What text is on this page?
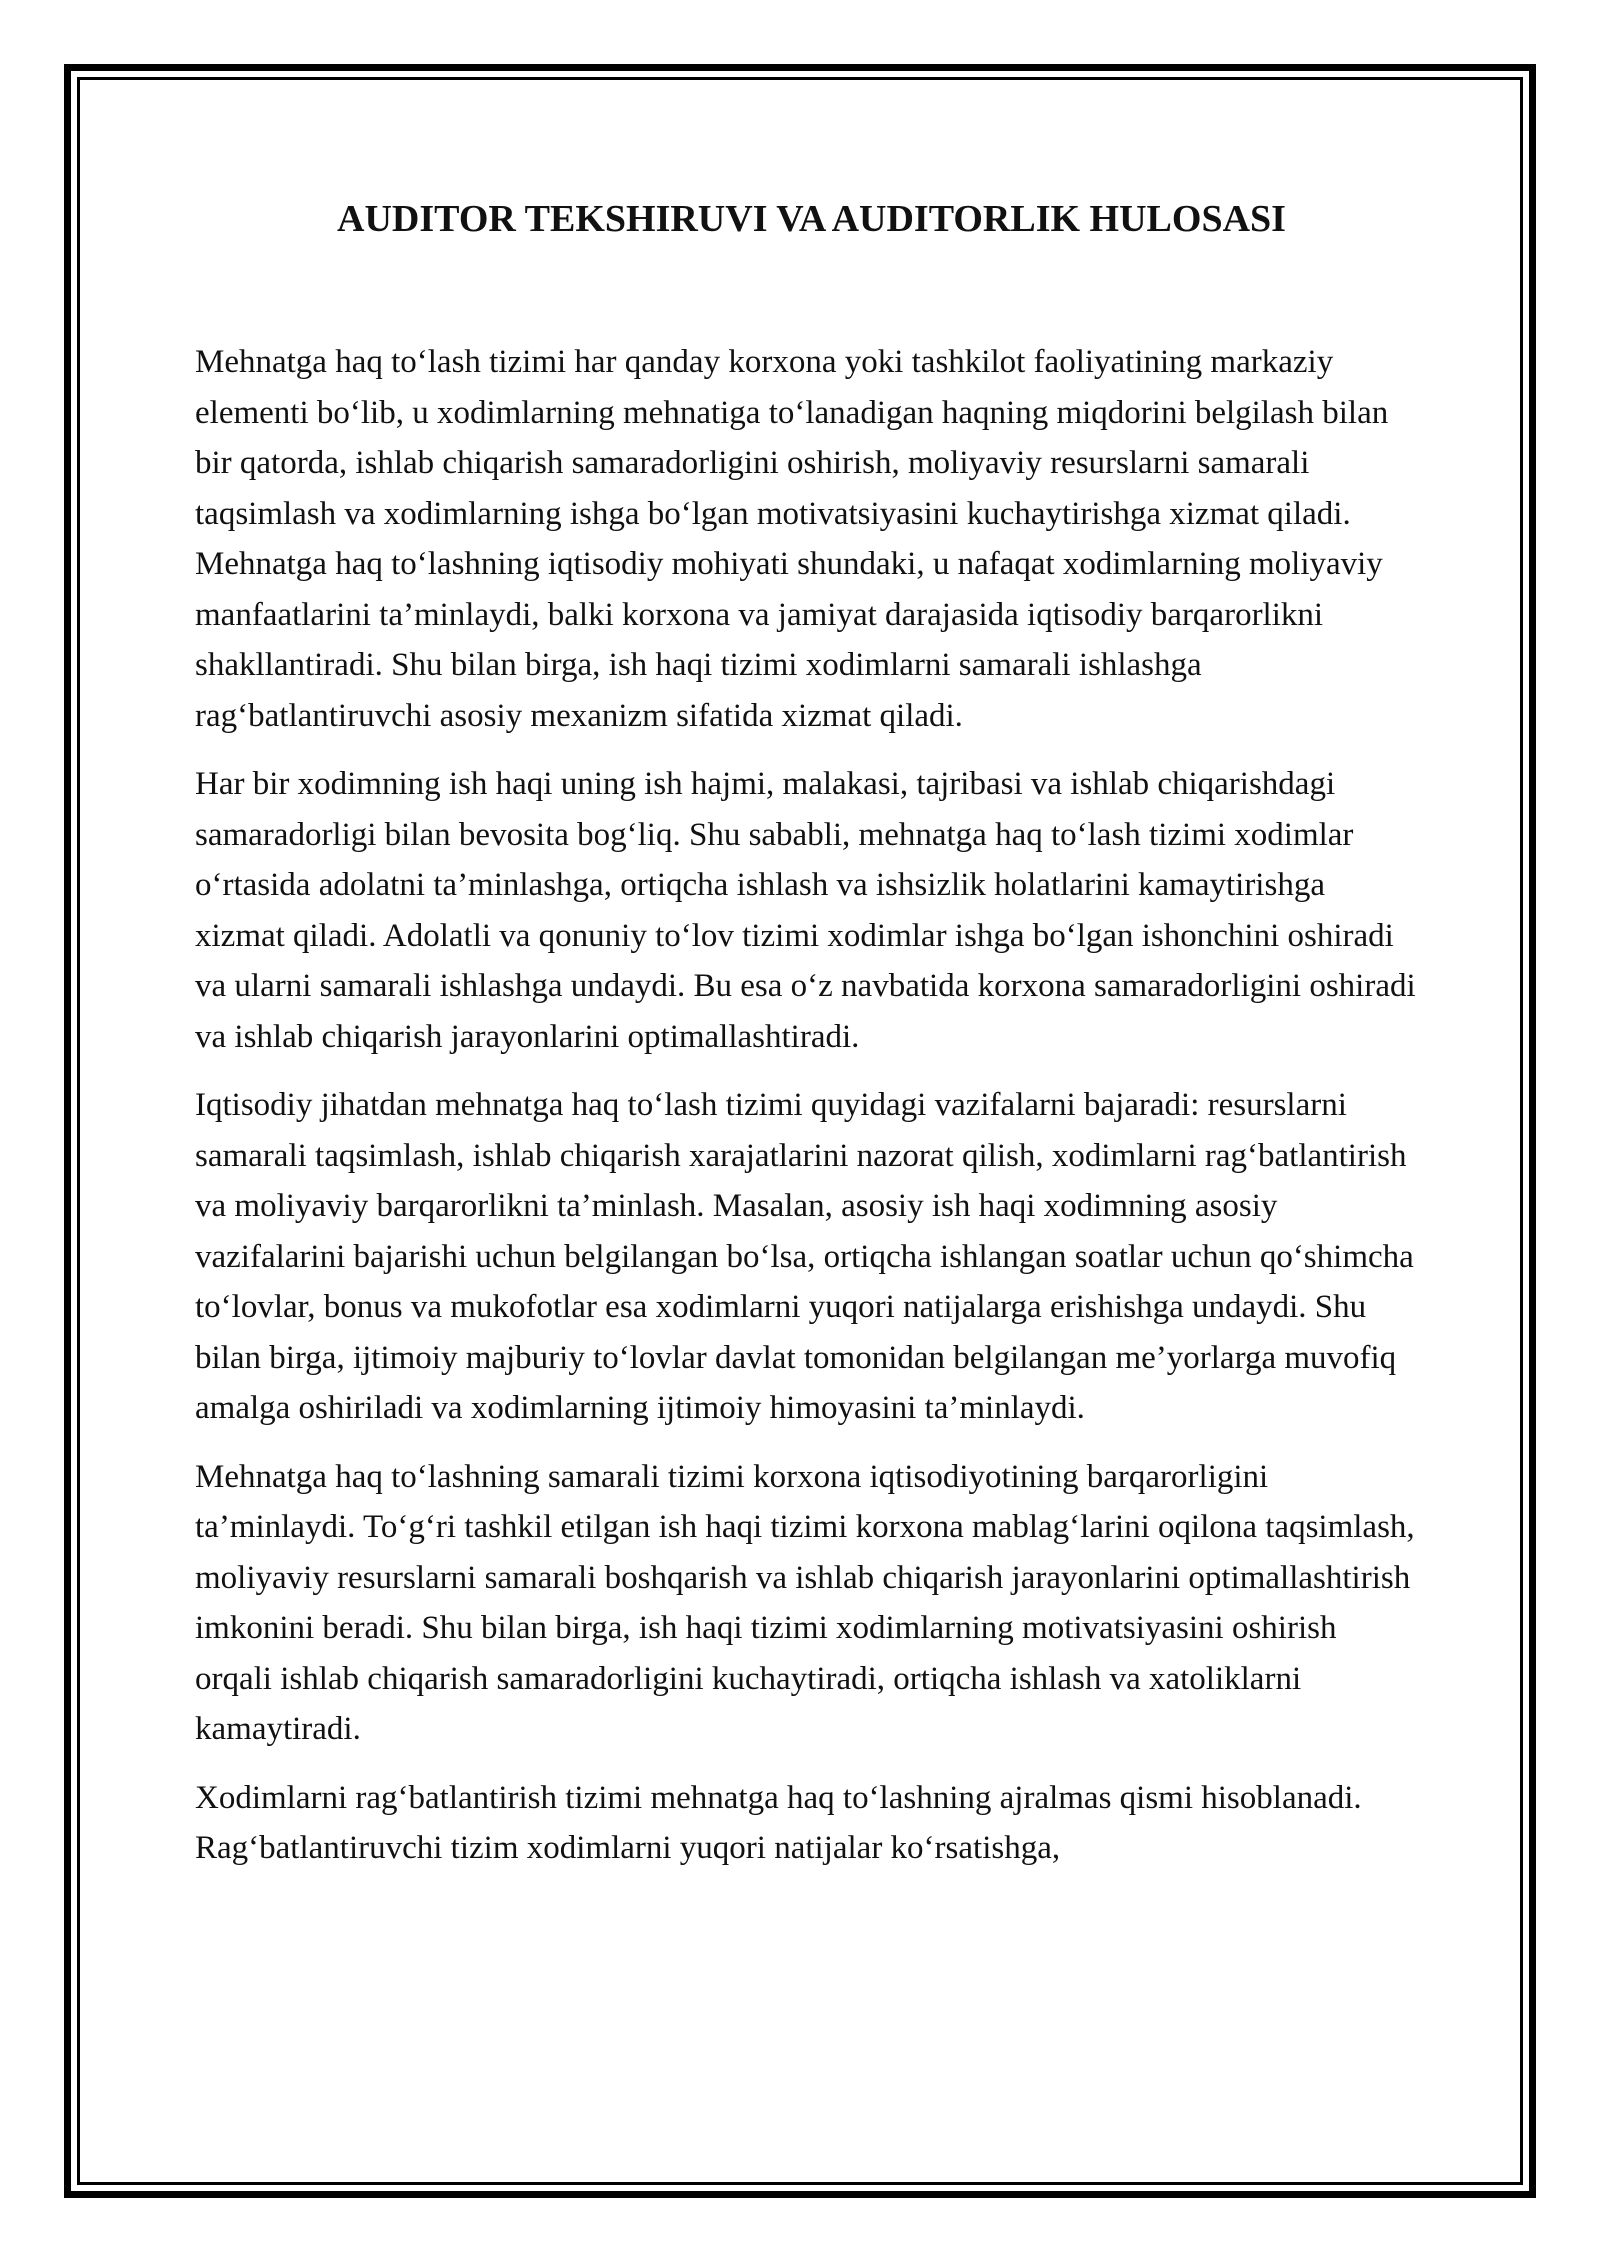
AUDITOR TEKSHIRUVI VA AUDITORLIK HULOSASI

Mehnatga haq to‘lash tizimi har qanday korxona yoki tashkilot faoliyatining markaziy elementi bo‘lib, u xodimlarning mehnatiga to‘lanadigan haqning miqdorini belgilash bilan bir qatorda, ishlab chiqarish samaradorligini oshirish, moliyaviy resurslarni samarali taqsimlash va xodimlarning ishga bo‘lgan motivatsiyasini kuchaytirishga xizmat qiladi. Mehnatga haq to‘lashning iqtisodiy mohiyati shundaki, u nafaqat xodimlarning moliyaviy manfaatlarini ta’minlaydi, balki korxona va jamiyat darajasida iqtisodiy barqarorlikni shakllantiradi. Shu bilan birga, ish haqi tizimi xodimlarni samarali ishlashga rag‘batlantiruvchi asosiy mexanizm sifatida xizmat qiladi.

Har bir xodimning ish haqi uning ish hajmi, malakasi, tajribasi va ishlab chiqarishdagi samaradorligi bilan bevosita bog‘liq. Shu sababli, mehnatga haq to‘lash tizimi xodimlar o‘rtasida adolatni ta’minlashga, ortiqcha ishlash va ishsizlik holatlarini kamaytirishga xizmat qiladi. Adolatli va qonuniy to‘lov tizimi xodimlar ishga bo‘lgan ishonchini oshiradi va ularni samarali ishlashga undaydi. Bu esa o‘z navbatida korxona samaradorligini oshiradi va ishlab chiqarish jarayonlarini optimallashtiradi.

Iqtisodiy jihatdan mehnatga haq to‘lash tizimi quyidagi vazifalarni bajaradi: resurslarni samarali taqsimlash, ishlab chiqarish xarajatlarini nazorat qilish, xodimlarni rag‘batlantirish va moliyaviy barqarorlikni ta’minlash. Masalan, asosiy ish haqi xodimning asosiy vazifalarini bajarishi uchun belgilangan bo‘lsa, ortiqcha ishlangan soatlar uchun qo‘shimcha to‘lovlar, bonus va mukofotlar esa xodimlarni yuqori natijalarga erishishga undaydi. Shu bilan birga, ijtimoiy majburiy to‘lovlar davlat tomonidan belgilangan me’yorlarga muvofiq amalga oshiriladi va xodimlarning ijtimoiy himoyasini ta’minlaydi.

Mehnatga haq to‘lashning samarali tizimi korxona iqtisodiyotining barqarorligini ta’minlaydi. To‘g‘ri tashkil etilgan ish haqi tizimi korxona mablag‘larini oqilona taqsimlash, moliyaviy resurslarni samarali boshqarish va ishlab chiqarish jarayonlarini optimallashtirish imkonini beradi. Shu bilan birga, ish haqi tizimi xodimlarning motivatsiyasini oshirish orqali ishlab chiqarish samaradorligini kuchaytiradi, ortiqcha ishlash va xatoliklarni kamaytiradi.

Xodimlarni rag‘batlantirish tizimi mehnatga haq to‘lashning ajralmas qismi hisoblanadi. Rag‘batlantiruvchi tizim xodimlarni yuqori natijalar ko‘rsatishga,
